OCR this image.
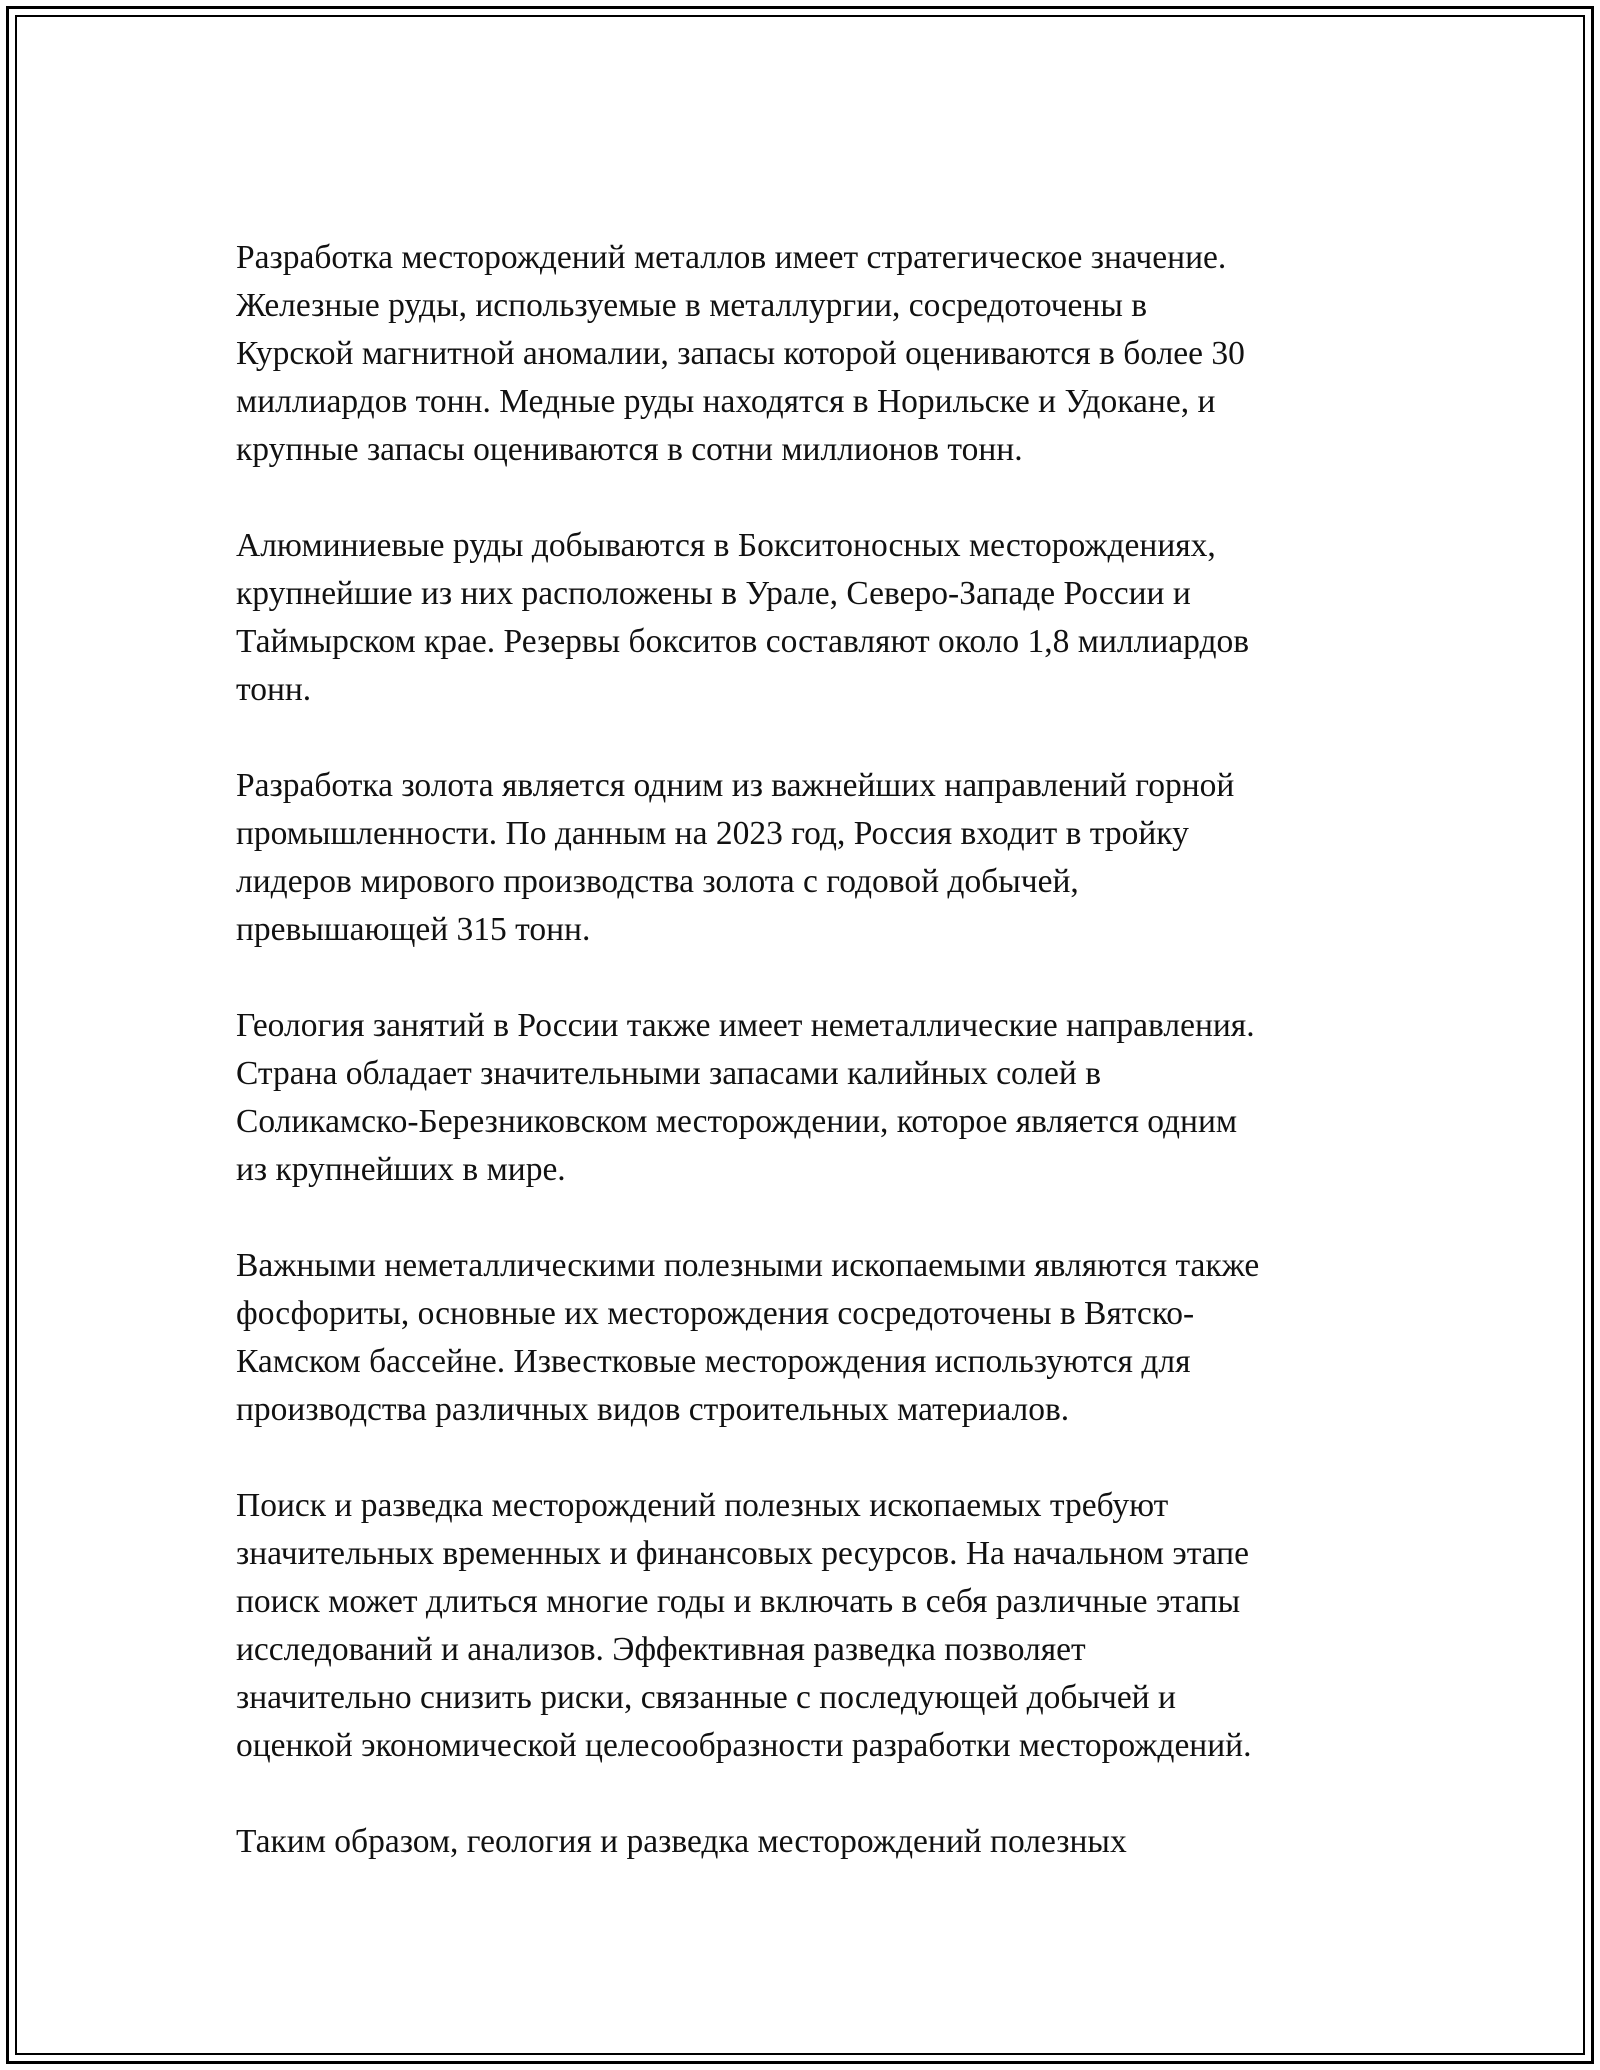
Разработка месторождений металлов имеет стратегическое значение.
Железные руды, используемые в металлургии, сосредоточены в
Курской магнитной аномалии, запасы которой оцениваются в более 30
миллиардов тонн. Медные руды находятся в Норильске и Удокане, и
крупные запасы оцениваются в сотни миллионов тонн.

Алюминиевые руды добываются в Бокситоносных месторождениях,
крупнейшие из них расположены в Урале, Северо-Западе России и
Таймырском крае. Резервы бокситов составляют около 1,8 миллиардов
тонн.

Разработка золота является одним из важнейших направлений горной
промышленности. По данным на 2023 год, Россия входит в тройку
лидеров мирового производства золота с годовой добычей,
превышающей 315 тонн.

Геология занятий в России также имеет неметаллические направления.
Страна обладает значительными запасами калийных солей в
Соликамско-Березниковском месторождении, которое является одним
из крупнейших в мире.

Важными неметаллическими полезными ископаемыми являются также
фосфориты, основные их месторождения сосредоточены в Вятско-
Камском бассейне. Известковые месторождения используются для
производства различных видов строительных материалов.

Поиск и разведка месторождений полезных ископаемых требуют
значительных временных и финансовых ресурсов. На начальном этапе
поиск может длиться многие годы и включать в себя различные этапы
исследований и анализов. Эффективная разведка позволяет
значительно снизить риски, связанные с последующей добычей и
оценкой экономической целесообразности разработки месторождений.

Таким образом, геология и разведка месторождений полезных
